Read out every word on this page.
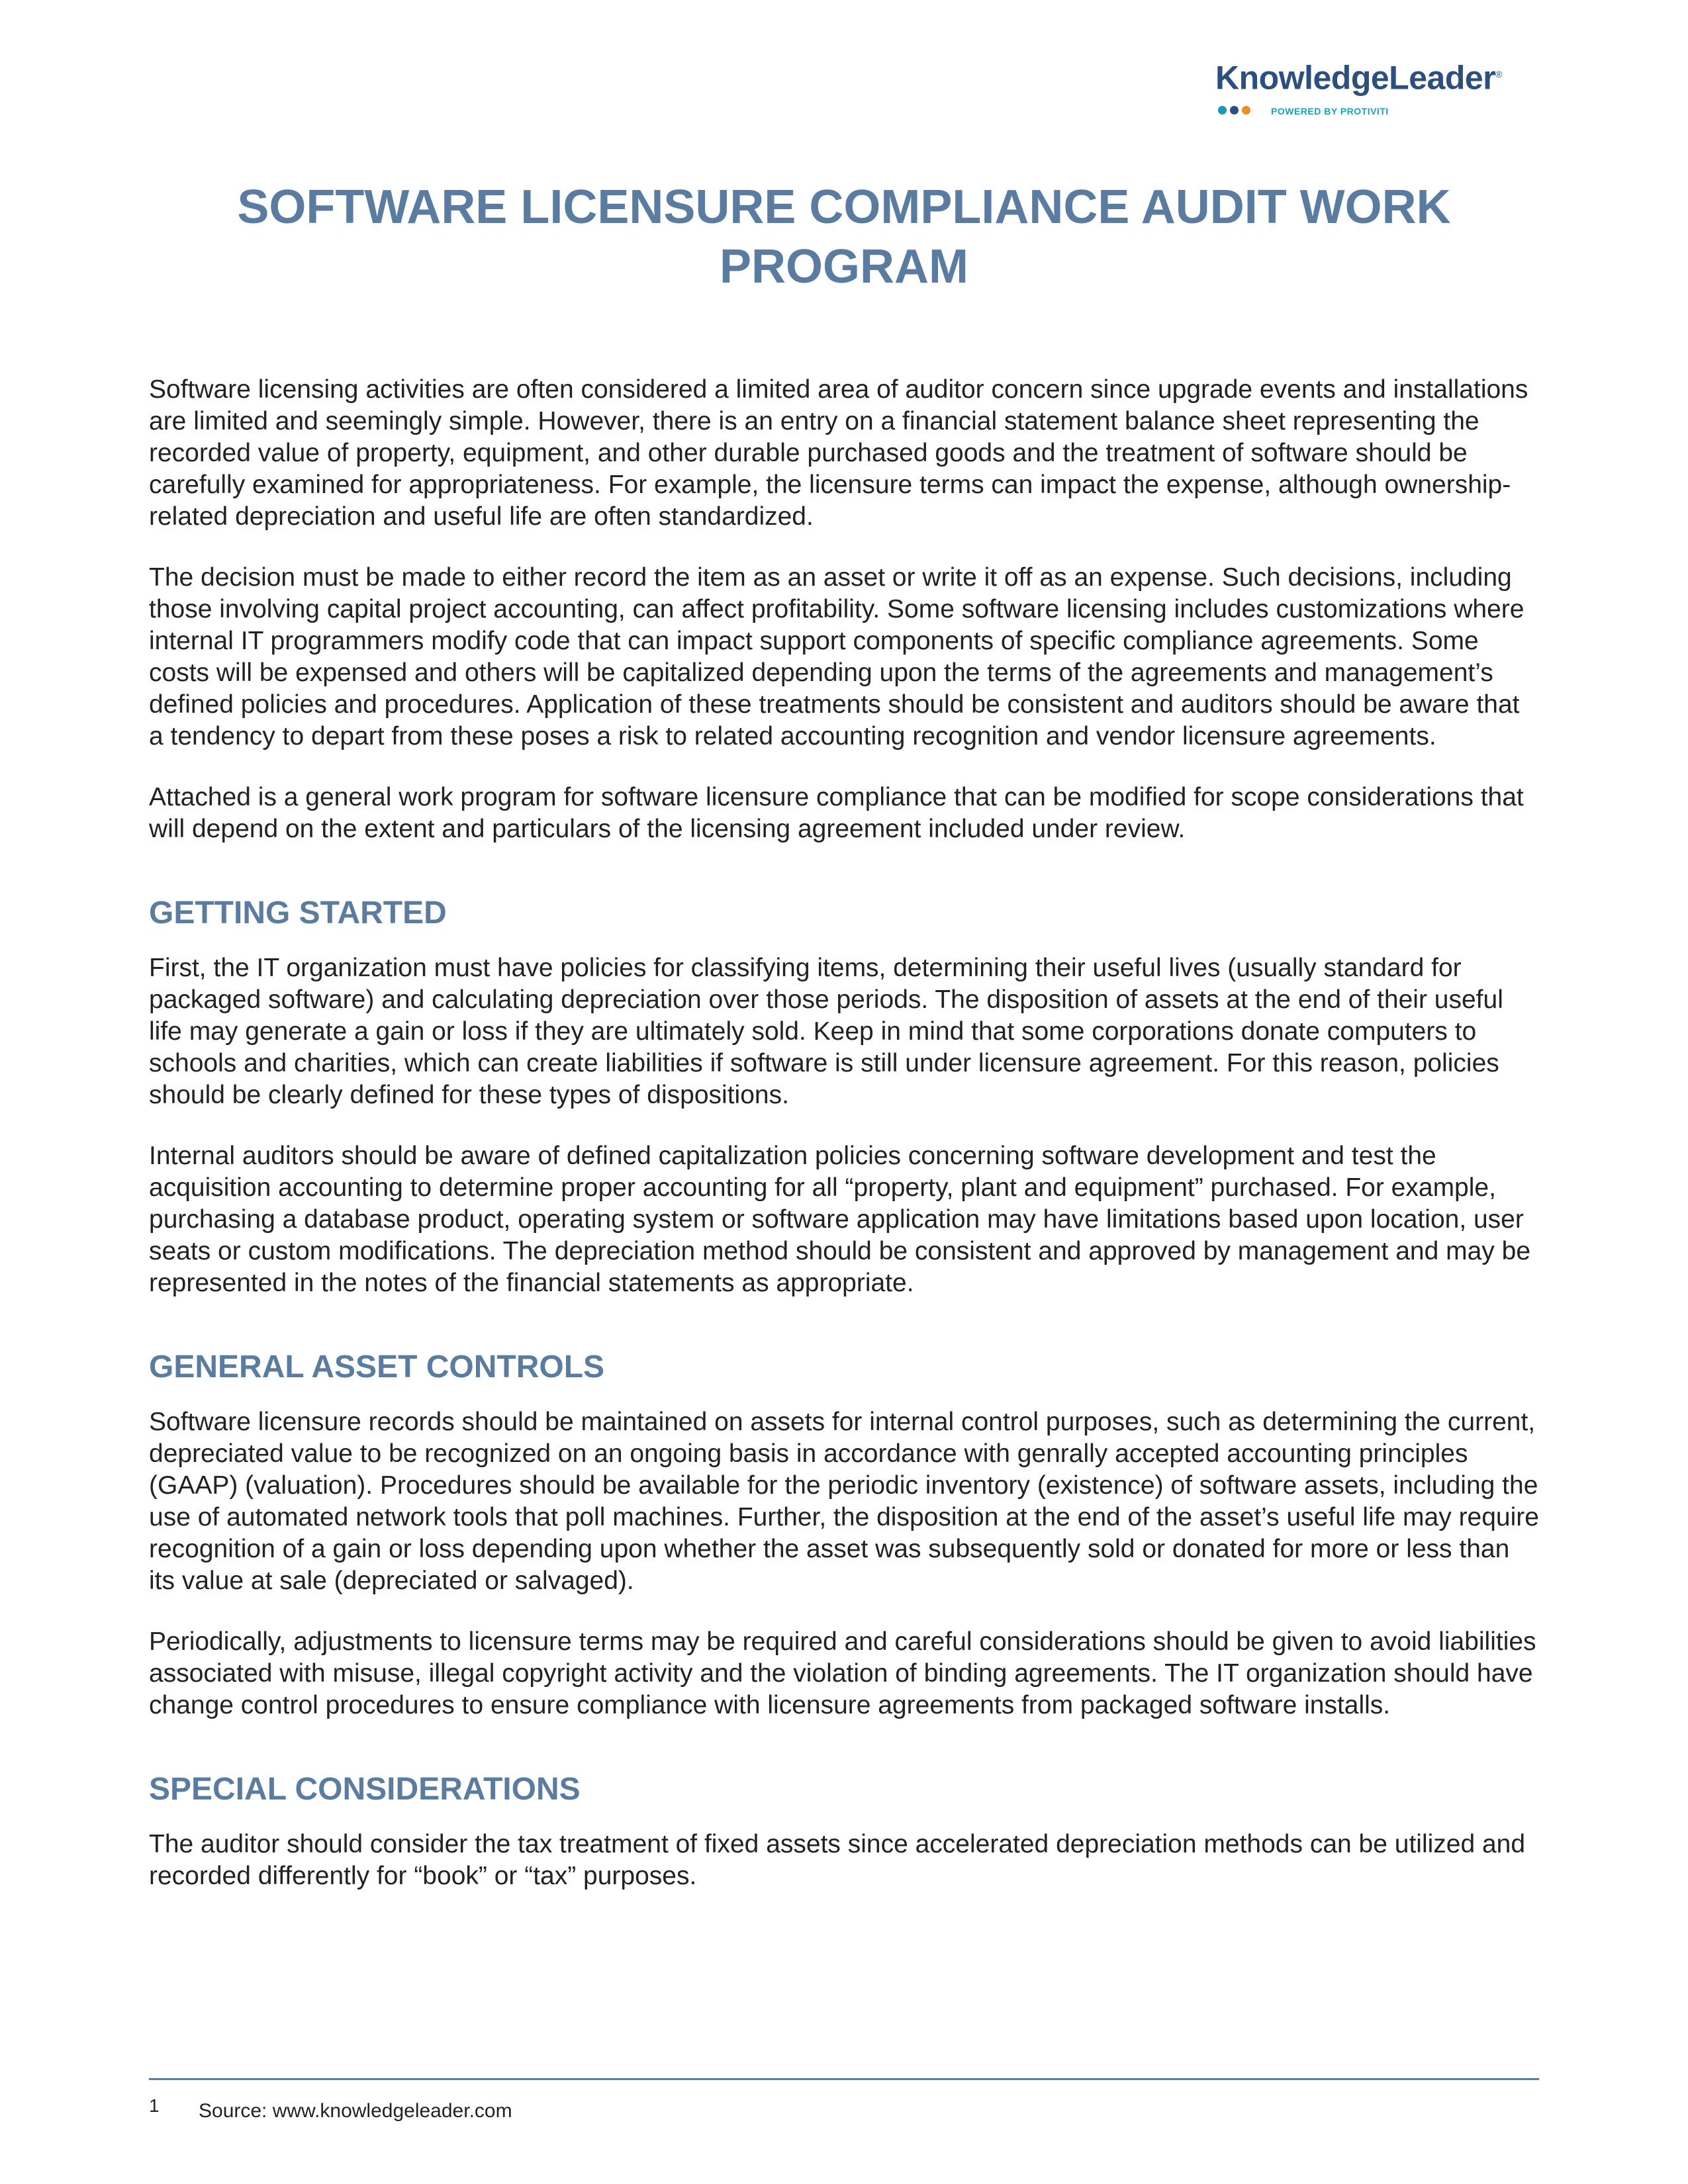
KnowledgeLeader®
POWERED BY PROTIVITI
SOFTWARE LICENSURE COMPLIANCE AUDIT WORK PROGRAM

Software licensing activities are often considered a limited area of auditor concern since upgrade events and installations are limited and seemingly simple. However, there is an entry on a financial statement balance sheet representing the recorded value of property, equipment, and other durable purchased goods and the treatment of software should be carefully examined for appropriateness. For example, the licensure terms can impact the expense, although ownership-related depreciation and useful life are often standardized.

The decision must be made to either record the item as an asset or write it off as an expense. Such decisions, including those involving capital project accounting, can affect profitability. Some software licensing includes customizations where internal IT programmers modify code that can impact support components of specific compliance agreements. Some costs will be expensed and others will be capitalized depending upon the terms of the agreements and management’s defined policies and procedures. Application of these treatments should be consistent and auditors should be aware that a tendency to depart from these poses a risk to related accounting recognition and vendor licensure agreements.

Attached is a general work program for software licensure compliance that can be modified for scope considerations that will depend on the extent and particulars of the licensing agreement included under review.

GETTING STARTED

First, the IT organization must have policies for classifying items, determining their useful lives (usually standard for packaged software) and calculating depreciation over those periods. The disposition of assets at the end of their useful life may generate a gain or loss if they are ultimately sold. Keep in mind that some corporations donate computers to schools and charities, which can create liabilities if software is still under licensure agreement. For this reason, policies should be clearly defined for these types of dispositions.

Internal auditors should be aware of defined capitalization policies concerning software development and test the acquisition accounting to determine proper accounting for all “property, plant and equipment” purchased. For example, purchasing a database product, operating system or software application may have limitations based upon location, user seats or custom modifications. The depreciation method should be consistent and approved by management and may be represented in the notes of the financial statements as appropriate.

GENERAL ASSET CONTROLS

Software licensure records should be maintained on assets for internal control purposes, such as determining the current, depreciated value to be recognized on an ongoing basis in accordance with genrally accepted accounting principles (GAAP) (valuation). Procedures should be available for the periodic inventory (existence) of software assets, including the use of automated network tools that poll machines. Further, the disposition at the end of the asset’s useful life may require recognition of a gain or loss depending upon whether the asset was subsequently sold or donated for more or less than its value at sale (depreciated or salvaged).

Periodically, adjustments to licensure terms may be required and careful considerations should be given to avoid liabilities associated with misuse, illegal copyright activity and the violation of binding agreements. The IT organization should have change control procedures to ensure compliance with licensure agreements from packaged software installs.

SPECIAL CONSIDERATIONS

The auditor should consider the tax treatment of fixed assets since accelerated depreciation methods can be utilized and recorded differently for “book” or “tax” purposes.

1 Source: www.knowledgeleader.com
